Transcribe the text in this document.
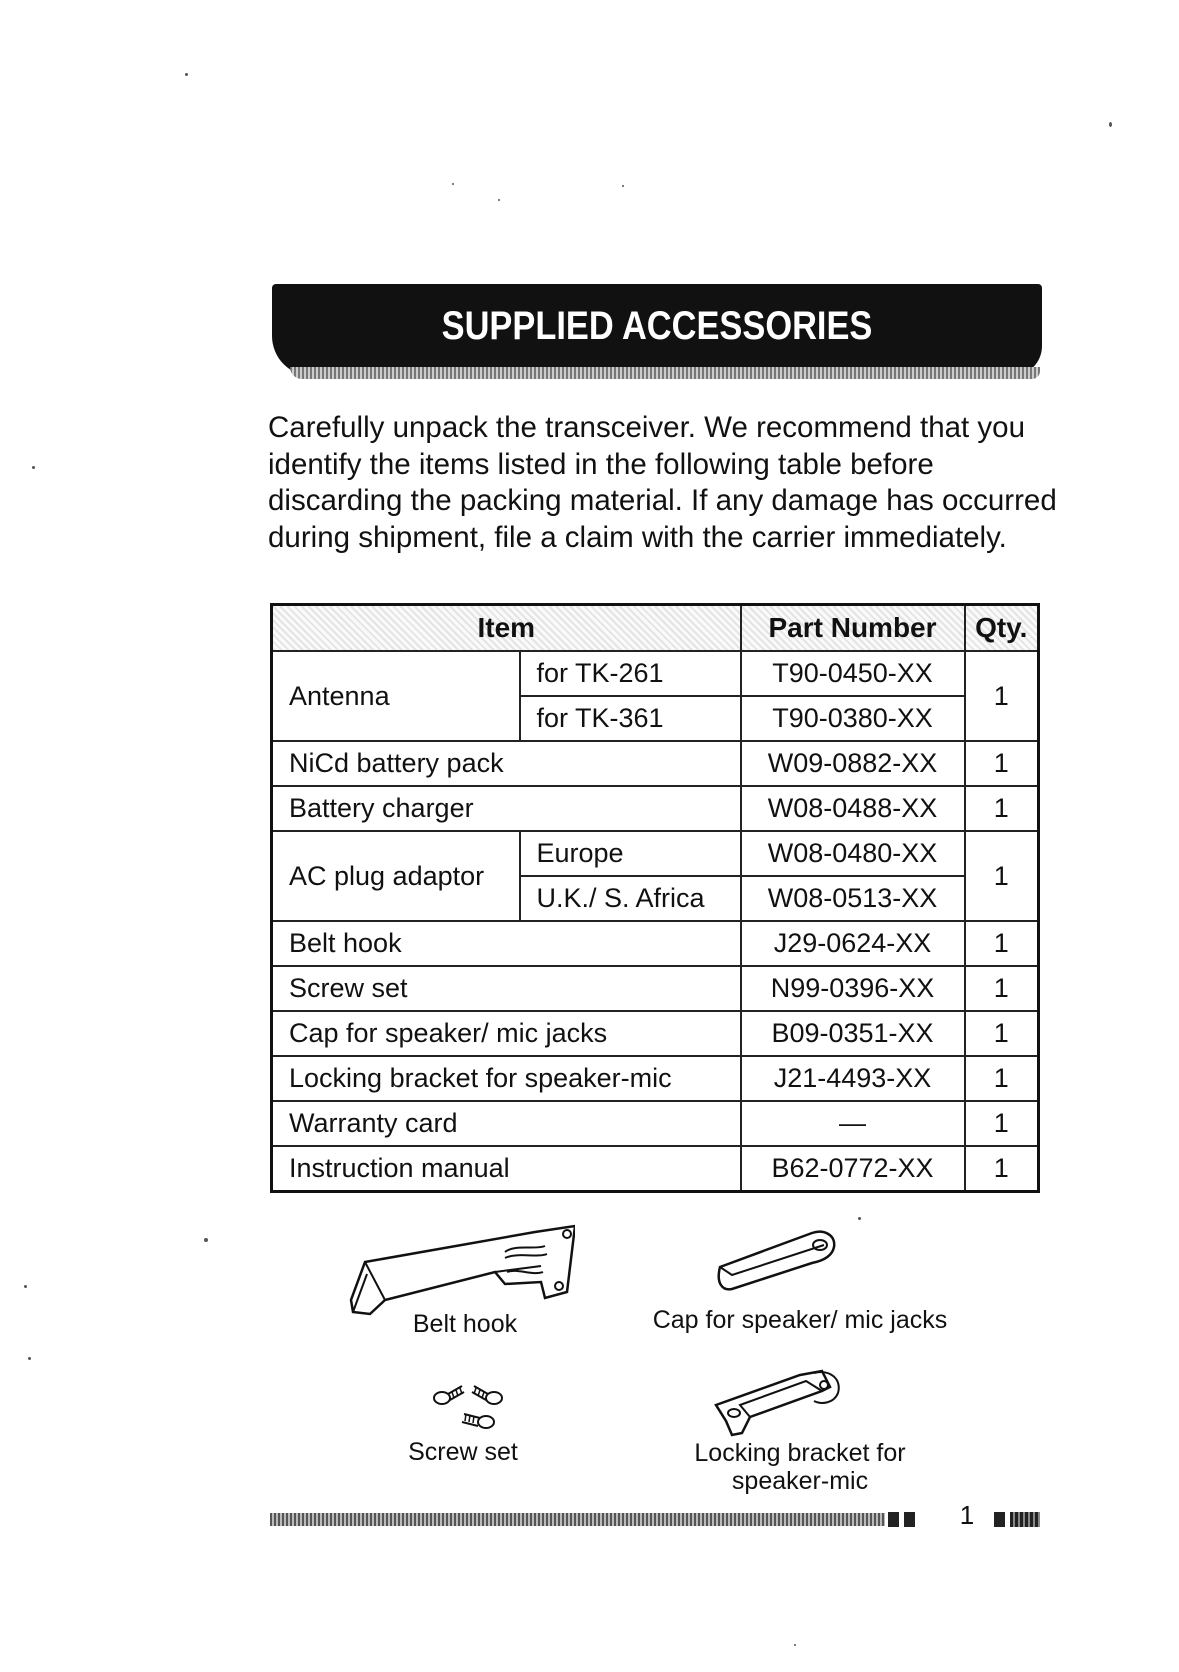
SUPPLIED ACCESSORIES

Carefully unpack the transceiver. We recommend that you identify the items listed in the following table before discarding the packing material. If any damage has occurred during shipment, file a claim with the carrier immediately.

Item		Part Number	Qty.
Antenna	for TK-261	T90-0450-XX	1
	for TK-361	T90-0380-XX	
NiCd battery pack		W09-0882-XX	1
Battery charger		W08-0488-XX	1
AC plug adaptor	Europe	W08-0480-XX	1
	U.K./ S. Africa	W08-0513-XX	
Belt hook		J29-0624-XX	1
Screw set		N99-0396-XX	1
Cap for speaker/ mic jacks		B09-0351-XX	1
Locking bracket for speaker-mic		J21-4493-XX	1
Warranty card		—	1
Instruction manual		B62-0772-XX	1
Belt hook	Cap for speaker/ mic jacks
Screw set	Locking bracket for
speaker-mic
1
